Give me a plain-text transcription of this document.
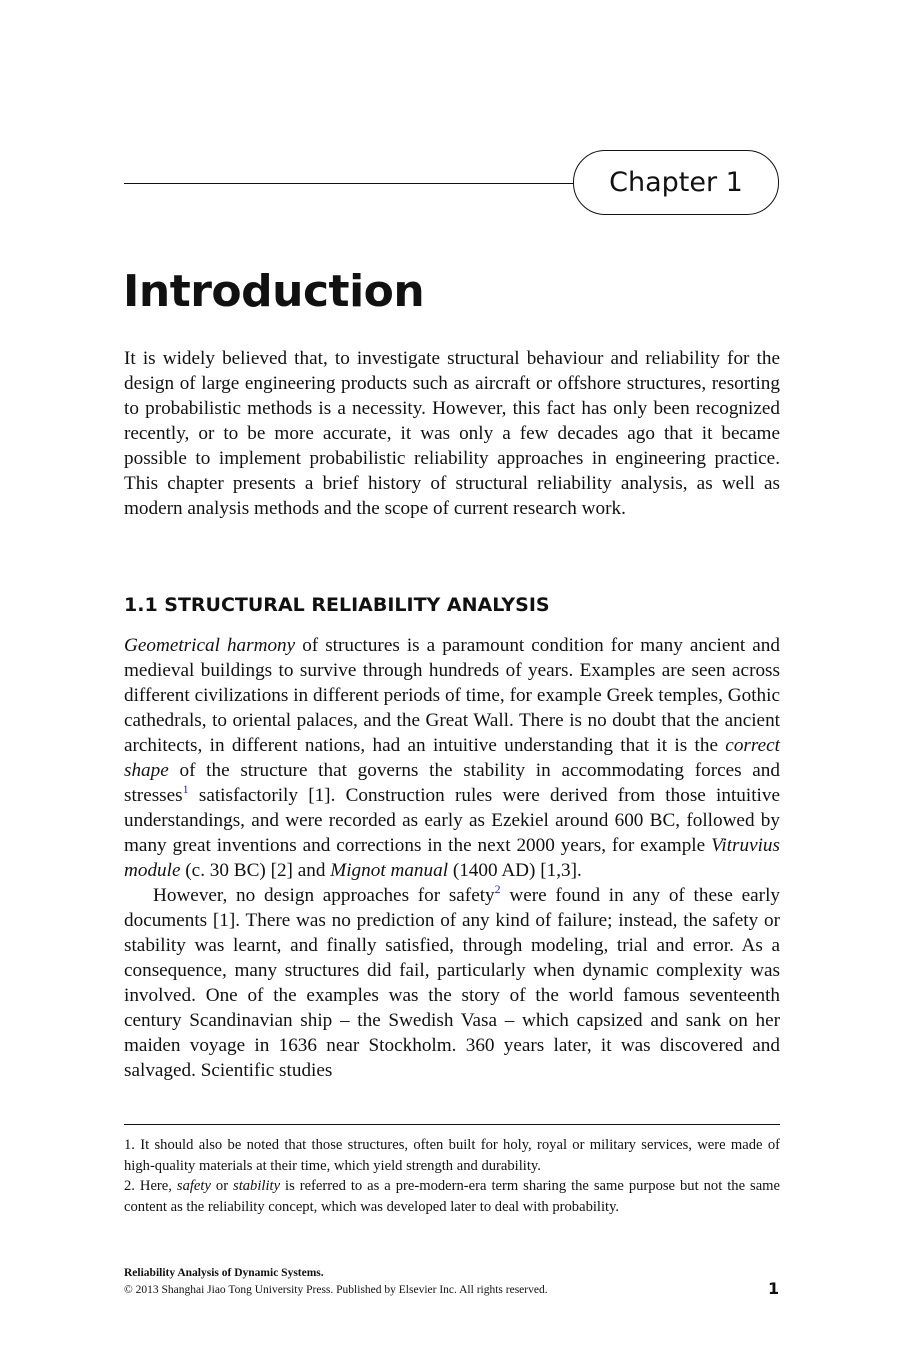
Chapter 1
Introduction
It is widely believed that, to investigate structural behaviour and reliability for the design of large engineering products such as aircraft or offshore structures, resorting to probabilistic methods is a necessity. However, this fact has only been recognized recently, or to be more accurate, it was only a few decades ago that it became possible to implement probabilistic reliability approaches in engineering practice. This chapter presents a brief history of structural reliability analysis, as well as modern analysis methods and the scope of current research work.
1.1 STRUCTURAL RELIABILITY ANALYSIS
Geometrical harmony of structures is a paramount condition for many ancient and medieval buildings to survive through hundreds of years. Examples are seen across different civilizations in different periods of time, for example Greek temples, Gothic cathedrals, to oriental palaces, and the Great Wall. There is no doubt that the ancient architects, in different nations, had an intuitive understanding that it is the correct shape of the structure that governs the stability in accommodating forces and stresses$^1$ satisfactorily [1]. Construction rules were derived from those intuitive understandings, and were recorded as early as Ezekiel around 600 BC, followed by many great inventions and corrections in the next 2000 years, for example Vitruvius module (c. 30 BC) [2] and Mignot manual (1400 AD) [1,3].
However, no design approaches for safety$^2$ were found in any of these early documents [1]. There was no prediction of any kind of failure; instead, the safety or stability was learnt, and finally satisfied, through modeling, trial and error. As a consequence, many structures did fail, particularly when dynamic complexity was involved. One of the examples was the story of the world famous seventeenth century Scandinavian ship – the Swedish Vasa – which capsized and sank on her maiden voyage in 1636 near Stockholm. 360 years later, it was discovered and salvaged. Scientific studies
1. It should also be noted that those structures, often built for holy, royal or military services, were made of high-quality materials at their time, which yield strength and durability.
2. Here, safety or stability is referred to as a pre-modern-era term sharing the same purpose but not the same content as the reliability concept, which was developed later to deal with probability.
Reliability Analysis of Dynamic Systems.
© 2013 Shanghai Jiao Tong University Press. Published by Elsevier Inc. All rights reserved.	1
